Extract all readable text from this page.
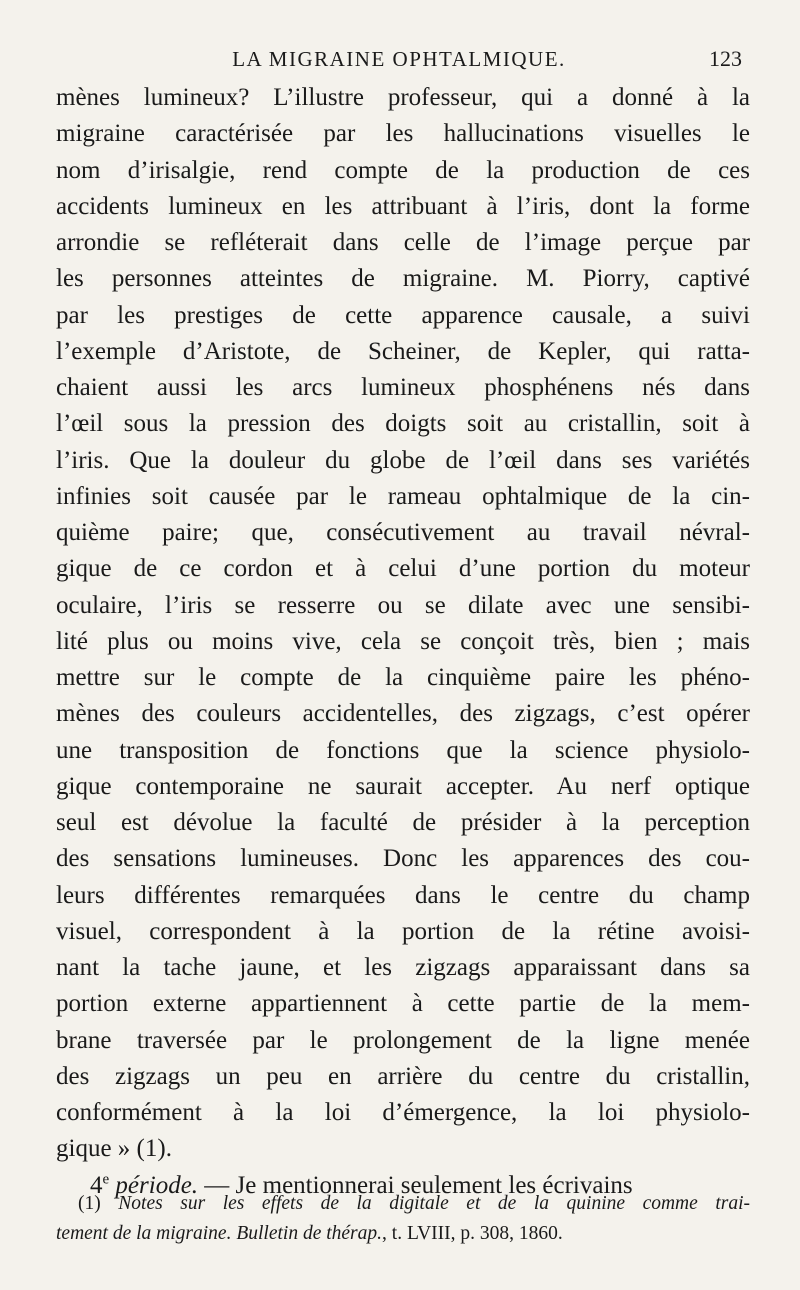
LA MIGRAINE OPHTALMIQUE.	123
mènes lumineux? L’illustre professeur, qui a donné à la
migraine caractérisée par les hallucinations visuelles le
nom d’irisalgie, rend compte de la production de ces
accidents lumineux en les attribuant à l’iris, dont la forme
arrondie se refléterait dans celle de l’image perçue par
les personnes atteintes de migraine. M. Piorry, captivé
par les prestiges de cette apparence causale, a suivi
l’exemple d’Aristote, de Scheiner, de Kepler, qui ratta-
chaient aussi les arcs lumineux phosphénens nés dans
l’œil sous la pression des doigts soit au cristallin, soit à
l’iris. Que la douleur du globe de l’œil dans ses variétés
infinies soit causée par le rameau ophtalmique de la cin-
quième paire; que, consécutivement au travail névral-
gique de ce cordon et à celui d’une portion du moteur
oculaire, l’iris se resserre ou se dilate avec une sensibi-
lité plus ou moins vive, cela se conçoit très, bien ; mais
mettre sur le compte de la cinquième paire les phéno-
mènes des couleurs accidentelles, des zigzags, c’est opérer
une transposition de fonctions que la science physiolo-
gique contemporaine ne saurait accepter. Au nerf optique
seul est dévolue la faculté de présider à la perception
des sensations lumineuses. Donc les apparences des cou-
leurs différentes remarquées dans le centre du champ
visuel, correspondent à la portion de la rétine avoisi-
nant la tache jaune, et les zigzags apparaissant dans sa
portion externe appartiennent à cette partie de la mem-
brane traversée par le prolongement de la ligne menée
des zigzags un peu en arrière du centre du cristallin,
conformément à la loi d’émergence, la loi physiolo-
gique » (1).
4e période. — Je mentionnerai seulement les écrivains
(1) Notes sur les effets de la digitale et de la quinine comme trai-
tement de la migraine. Bulletin de thérap., t. LVIII, p. 308, 1860.
